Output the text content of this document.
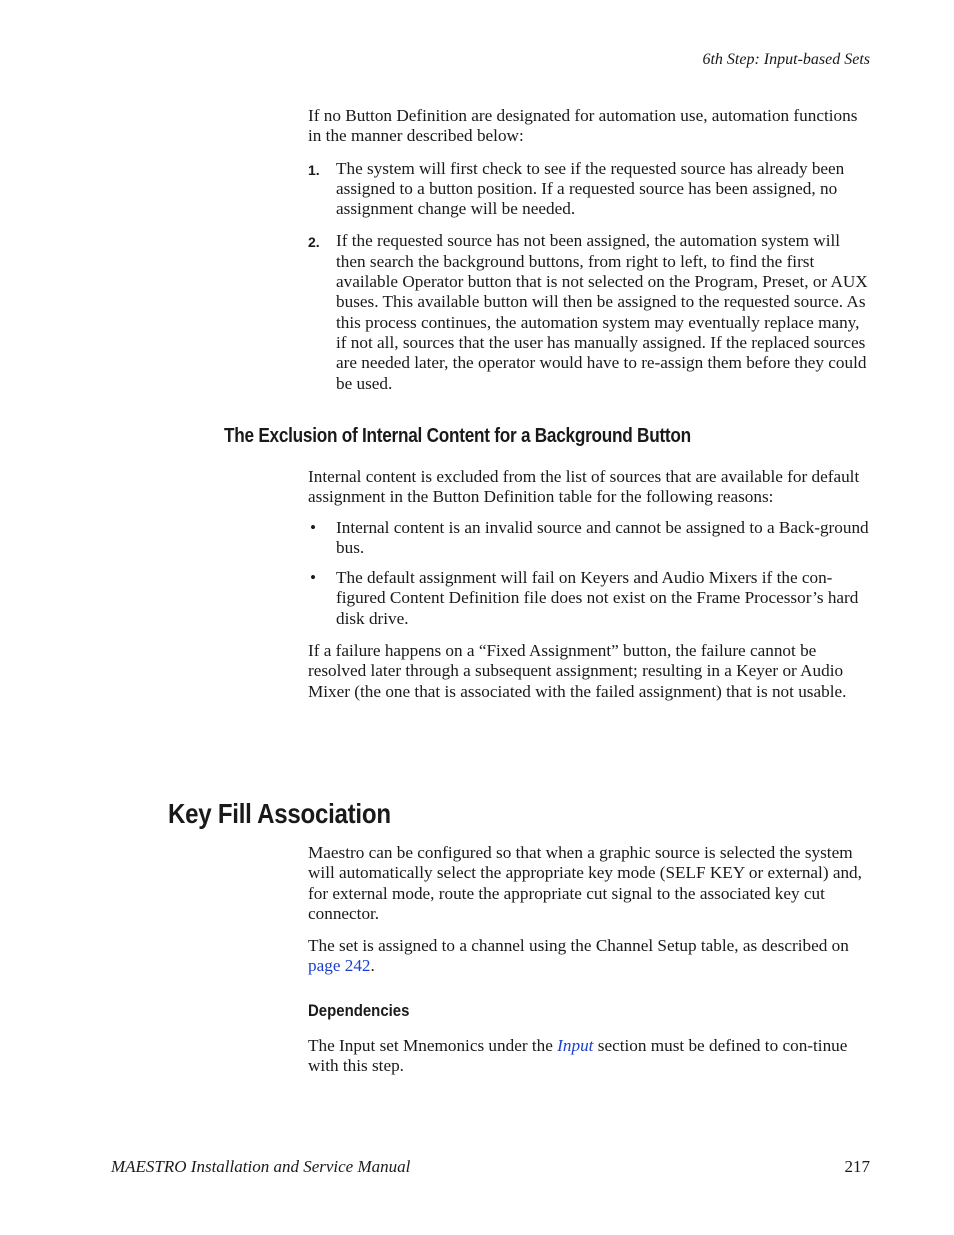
6th Step: Input-based Sets

If no Button Definition are designated for automation use, automation functions in the manner described below:

1. The system will first check to see if the requested source has already been assigned to a button position. If a requested source has been assigned, no assignment change will be needed.
2. If the requested source has not been assigned, the automation system will then search the background buttons, from right to left, to find the first available Operator button that is not selected on the Program, Preset, or AUX buses. This available button will then be assigned to the requested source. As this process continues, the automation system may eventually replace many, if not all, sources that the user has manually assigned. If the replaced sources are needed later, the operator would have to re-assign them before they could be used.
The Exclusion of Internal Content for a Background Button

Internal content is excluded from the list of sources that are available for default assignment in the Button Definition table for the following reasons:

• Internal content is an invalid source and cannot be assigned to a Back-ground bus.
• The default assignment will fail on Keyers and Audio Mixers if the con-figured Content Definition file does not exist on the Frame Processor’s hard disk drive.

If a failure happens on a “Fixed Assignment” button, the failure cannot be resolved later through a subsequent assignment; resulting in a Keyer or Audio Mixer (the one that is associated with the failed assignment) that is not usable.

Key Fill Association

Maestro can be configured so that when a graphic source is selected the system will automatically select the appropriate key mode (SELF KEY or external) and, for external mode, route the appropriate cut signal to the associated key cut connector.

The set is assigned to a channel using the Channel Setup table, as described on page 242.

Dependencies

The Input set Mnemonics under the Input section must be defined to con-tinue with this step.

MAESTRO Installation and Service Manual	217
